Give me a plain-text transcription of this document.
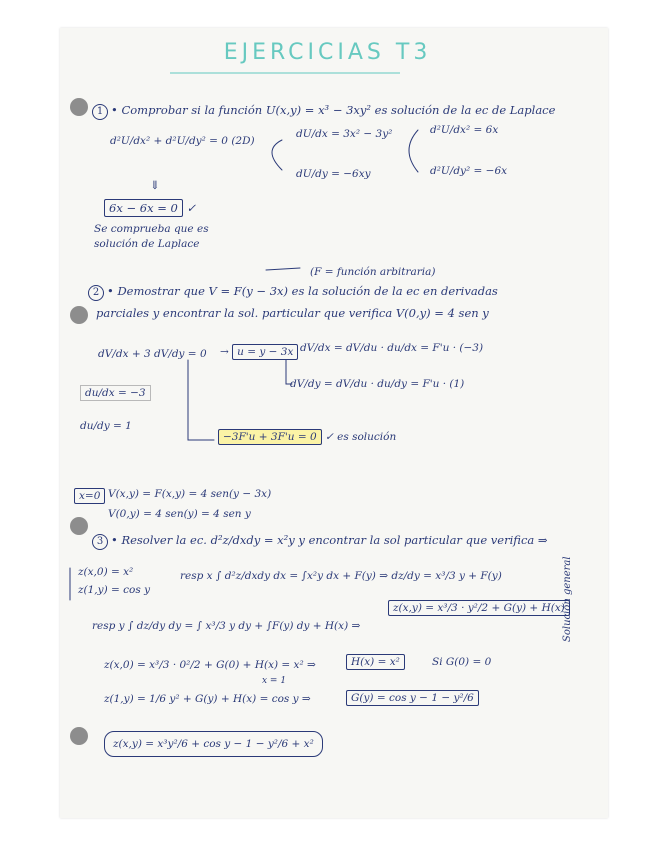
EJERCICIAS T3
1 • Comprobar si la función U(x,y) = x³ − 3xy² es solución de la ec de Laplace
d²U/dx² + d²U/dy² = 0 (2D)
dU/dx = 3x² − 3y²
dU/dy = −6xy
d²U/dx² = 6x
d²U/dy² = −6x
⇓
6x − 6x = 0 ✓
Se comprueba que es
solución de Laplace
(F = función arbitraria)
2 • Demostrar que V = F(y − 3x) es la solución de la ec en derivadas
parciales y encontrar la sol. particular que verifica V(0,y) = 4 sen y
dV/dx + 3 dV/dy = 0 → u = y − 3x dV/dx = dV/du · du/dx = F'u · (−3)
dV/dy = dV/du · du/dy = F'u · (1)
du/dx = −3
du/dy = 1
−3F'u + 3F'u = 0 ✓ es solución
x=0 V(x,y) = F(x,y) = 4 sen(y − 3x)
V(0,y) = 4 sen(y) = 4 sen y
3 • Resolver la ec. d²z/dxdy = x²y y encontrar la sol particular que verifica ⇒
z(x,0) = x²
z(1,y) = cos y
resp x ∫ d²z/dxdy dx = ∫x²y dx + F(y) ⇒ dz/dy = x³/3 y + F(y)
resp y ∫ dz/dy dy = ∫ x³/3 y dy + ∫F(y) dy + H(x) ⇒
z(x,y) = x³/3 · y²/2 + G(y) + H(x)
Solución general
z(x,0) = x³/3 · 0²/2 + G(0) + H(x) = x² ⇒	H(x) = x²	Si G(0) = 0
x = 1
z(1,y) = 1/6 y² + G(y) + H(x) = cos y ⇒	G(y) = cos y − 1 − y²/6
z(x,y) = x³y²/6 + cos y − 1 − y²/6 + x²
